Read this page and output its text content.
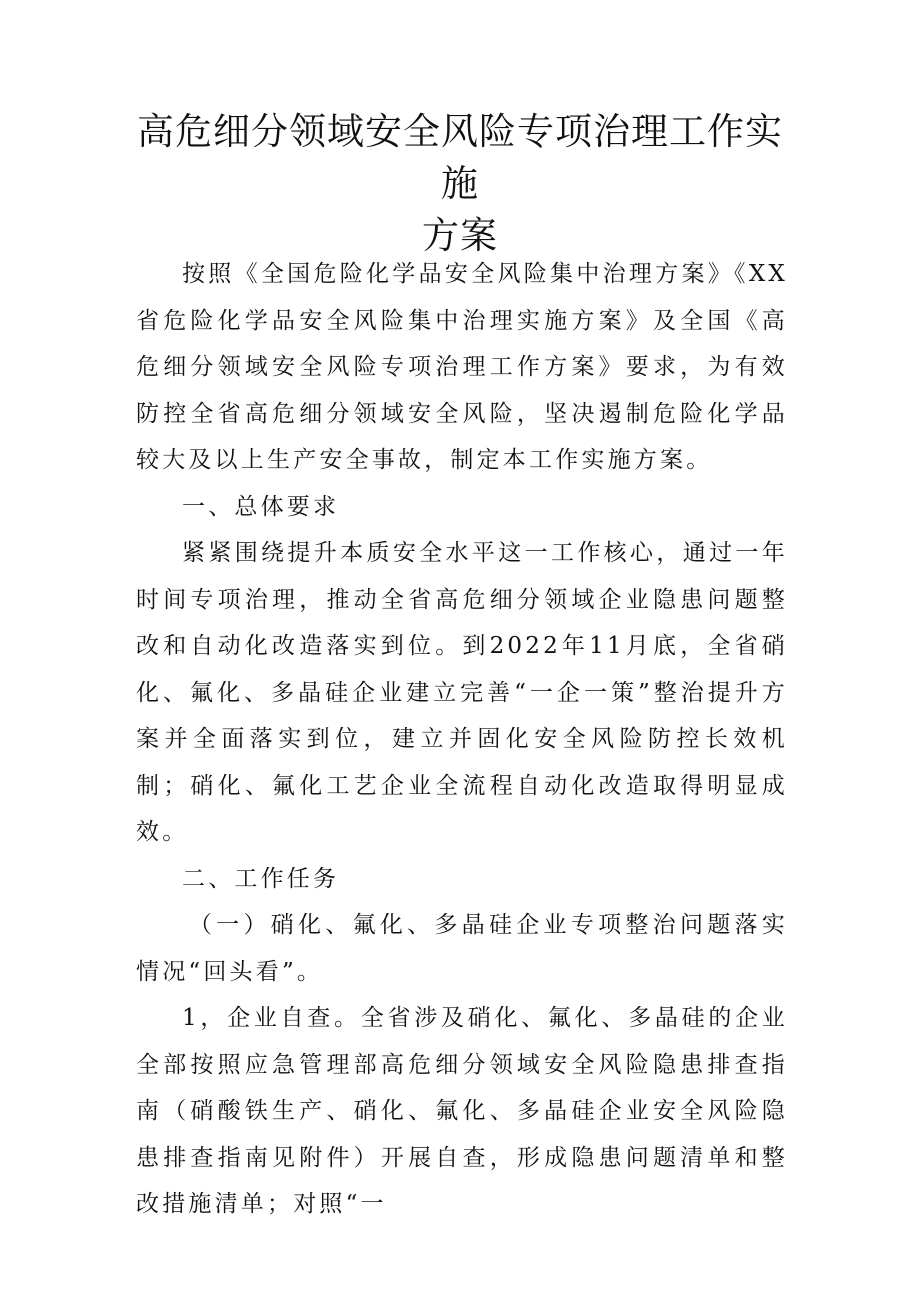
高危细分领域安全风险专项治理工作实施
方案

按照《全国危险化学品安全风险集中治理方案》《XX省危险化学品安全风险集中治理实施方案》及全国《高危细分领域安全风险专项治理工作方案》要求，为有效防控全省高危细分领域安全风险，坚决遏制危险化学品较大及以上生产安全事故，制定本工作实施方案。

一、总体要求

紧紧围绕提升本质安全水平这一工作核心，通过一年时间专项治理，推动全省高危细分领域企业隐患问题整改和自动化改造落实到位。到2022年11月底，全省硝化、氟化、多晶硅企业建立完善“一企一策”整治提升方案并全面落实到位，建立并固化安全风险防控长效机制；硝化、氟化工艺企业全流程自动化改造取得明显成效。

二、工作任务

（一）硝化、氟化、多晶硅企业专项整治问题落实情况“回头看”。

1，企业自查。全省涉及硝化、氟化、多晶硅的企业全部按照应急管理部高危细分领域安全风险隐患排查指南（硝酸铁生产、硝化、氟化、多晶硅企业安全风险隐患排查指南见附件）开展自查，形成隐患问题清单和整改措施清单；对照“一
